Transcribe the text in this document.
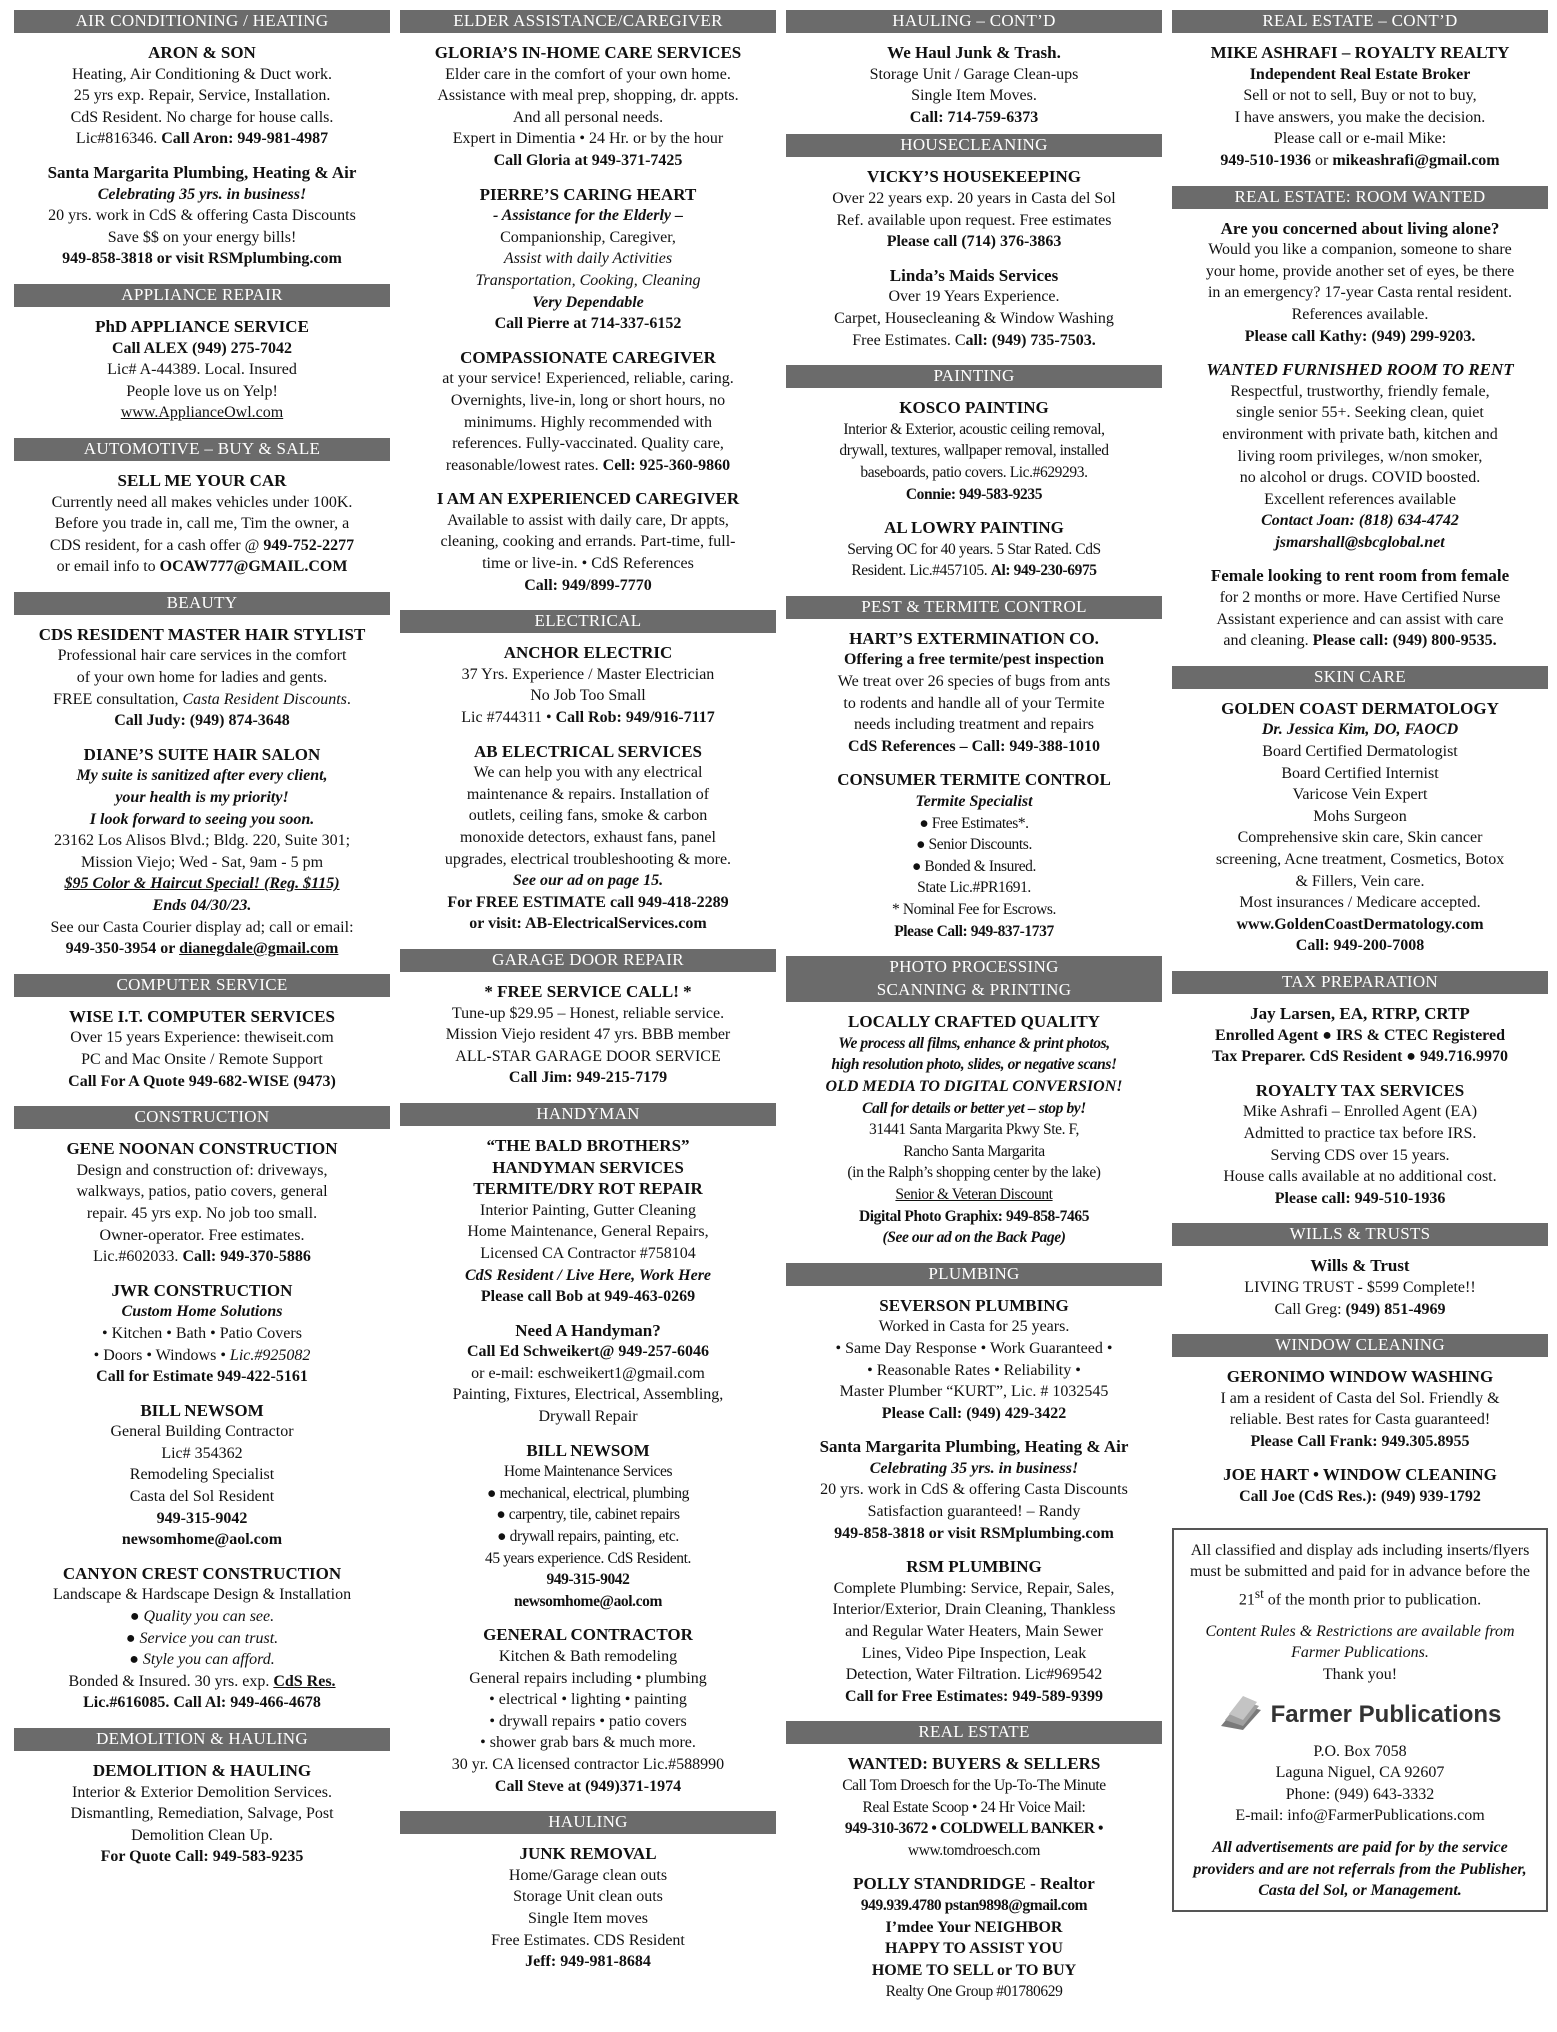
AIR CONDITIONING / HEATING
ARON & SON
Heating, Air Conditioning & Duct work.
25 yrs exp. Repair, Service, Installation.
CdS Resident. No charge for house calls.
Lic#816346. Call Aron: 949-981-4987
Santa Margarita Plumbing, Heating & Air
Celebrating 35 yrs. in business!
20 yrs. work in CdS & offering Casta Discounts
Save $$ on your energy bills!
949-858-3818 or visit RSMplumbing.com
APPLIANCE REPAIR
PhD APPLIANCE SERVICE
Call ALEX (949) 275-7042
Lic# A-44389. Local. Insured
People love us on Yelp!
www.ApplianceOwl.com
AUTOMOTIVE – BUY & SALE
SELL ME YOUR CAR
Currently need all makes vehicles under 100K.
Before you trade in, call me, Tim the owner, a
CDS resident, for a cash offer @ 949-752-2277
or email info to OCAW777@GMAIL.COM
BEAUTY
CDS RESIDENT MASTER HAIR STYLIST
Professional hair care services in the comfort
of your own home for ladies and gents.
FREE consultation, Casta Resident Discounts.
Call Judy: (949) 874-3648
DIANE’S SUITE HAIR SALON
My suite is sanitized after every client,
your health is my priority!
I look forward to seeing you soon.
23162 Los Alisos Blvd.; Bldg. 220, Suite 301;
Mission Viejo; Wed - Sat, 9am - 5 pm
$95 Color & Haircut Special! (Reg. $115)
Ends 04/30/23.
See our Casta Courier display ad; call or email:
949-350-3954 or dianegdale@gmail.com
COMPUTER SERVICE
WISE I.T. COMPUTER SERVICES
Over 15 years Experience: thewiseit.com
PC and Mac Onsite / Remote Support
Call For A Quote 949-682-WISE (9473)
CONSTRUCTION
GENE NOONAN CONSTRUCTION
Design and construction of: driveways,
walkways, patios, patio covers, general
repair. 45 yrs exp. No job too small.
Owner-operator. Free estimates.
Lic.#602033. Call: 949-370-5886
JWR CONSTRUCTION
Custom Home Solutions
• Kitchen • Bath • Patio Covers
• Doors • Windows • Lic.#925082
Call for Estimate 949-422-5161
BILL NEWSOM
General Building Contractor
Lic# 354362
Remodeling Specialist
Casta del Sol Resident
949-315-9042
newsomhome@aol.com
CANYON CREST CONSTRUCTION
Landscape & Hardscape Design & Installation
● Quality you can see.
● Service you can trust.
● Style you can afford.
Bonded & Insured. 30 yrs. exp. CdS Res.
Lic.#616085. Call Al: 949-466-4678
DEMOLITION & HAULING
DEMOLITION & HAULING
Interior & Exterior Demolition Services.
Dismantling, Remediation, Salvage, Post
Demolition Clean Up.
For Quote Call: 949-583-9235
ELDER ASSISTANCE/CAREGIVER
GLORIA’S IN-HOME CARE SERVICES
Elder care in the comfort of your own home.
Assistance with meal prep, shopping, dr. appts.
And all personal needs.
Expert in Dimentia • 24 Hr. or by the hour
Call Gloria at 949-371-7425
PIERRE’S CARING HEART
- Assistance for the Elderly –
Companionship, Caregiver,
Assist with daily Activities
Transportation, Cooking, Cleaning
Very Dependable
Call Pierre at 714-337-6152
COMPASSIONATE CAREGIVER
at your service! Experienced, reliable, caring.
Overnights, live-in, long or short hours, no
minimums. Highly recommended with
references. Fully-vaccinated. Quality care,
reasonable/lowest rates. Cell: 925-360-9860
I AM AN EXPERIENCED CAREGIVER
Available to assist with daily care, Dr appts,
cleaning, cooking and errands. Part-time, full-
time or live-in. • CdS References
Call: 949/899-7770
ELECTRICAL
ANCHOR ELECTRIC
37 Yrs. Experience / Master Electrician
No Job Too Small
Lic #744311 • Call Rob: 949/916-7117
AB ELECTRICAL SERVICES
We can help you with any electrical
maintenance & repairs. Installation of
outlets, ceiling fans, smoke & carbon
monoxide detectors, exhaust fans, panel
upgrades, electrical troubleshooting & more.
See our ad on page 15.
For FREE ESTIMATE call 949-418-2289
or visit: AB-ElectricalServices.com
GARAGE DOOR REPAIR
* FREE SERVICE CALL! *
Tune-up $29.95 – Honest, reliable service.
Mission Viejo resident 47 yrs. BBB member
ALL-STAR GARAGE DOOR SERVICE
Call Jim: 949-215-7179
HANDYMAN
“THE BALD BROTHERS”
HANDYMAN SERVICES
TERMITE/DRY ROT REPAIR
Interior Painting, Gutter Cleaning
Home Maintenance, General Repairs,
Licensed CA Contractor #758104
CdS Resident / Live Here, Work Here
Please call Bob at 949-463-0269
Need A Handyman?
Call Ed Schweikert@ 949-257-6046
or e-mail: eschweikert1@gmail.com
Painting, Fixtures, Electrical, Assembling,
Drywall Repair
BILL NEWSOM
Home Maintenance Services
● mechanical, electrical, plumbing
● carpentry, tile, cabinet repairs
● drywall repairs, painting, etc.
45 years experience. CdS Resident.
949-315-9042
newsomhome@aol.com
GENERAL CONTRACTOR
Kitchen & Bath remodeling
General repairs including • plumbing
• electrical • lighting • painting
• drywall repairs • patio covers
• shower grab bars & much more.
30 yr. CA licensed contractor Lic.#588990
Call Steve at (949)371-1974
HAULING
JUNK REMOVAL
Home/Garage clean outs
Storage Unit clean outs
Single Item moves
Free Estimates. CDS Resident
Jeff: 949-981-8684
HAULING – CONT’D
We Haul Junk & Trash.
Storage Unit / Garage Clean-ups
Single Item Moves.
Call: 714-759-6373
HOUSECLEANING
VICKY’S HOUSEKEEPING
Over 22 years exp. 20 years in Casta del Sol
Ref. available upon request. Free estimates
Please call (714) 376-3863
Linda’s Maids Services
Over 19 Years Experience.
Carpet, Housecleaning & Window Washing
Free Estimates. Call: (949) 735-7503.
PAINTING
KOSCO PAINTING
Interior & Exterior, acoustic ceiling removal,
drywall, textures, wallpaper removal, installed
baseboards, patio covers. Lic.#629293.
Connie: 949-583-9235
AL LOWRY PAINTING
Serving OC for 40 years. 5 Star Rated. CdS
Resident. Lic.#457105. Al: 949-230-6975
PEST & TERMITE CONTROL
HART’S EXTERMINATION CO.
Offering a free termite/pest inspection
We treat over 26 species of bugs from ants
to rodents and handle all of your Termite
needs including treatment and repairs
CdS References – Call: 949-388-1010
CONSUMER TERMITE CONTROL
Termite Specialist
● Free Estimates*.
● Senior Discounts.
● Bonded & Insured.
State Lic.#PR1691.
* Nominal Fee for Escrows.
Please Call: 949-837-1737
PHOTO PROCESSING
SCANNING & PRINTING
LOCALLY CRAFTED QUALITY
We process all films, enhance & print photos,
high resolution photo, slides, or negative scans!
OLD MEDIA TO DIGITAL CONVERSION!
Call for details or better yet – stop by!
31441 Santa Margarita Pkwy Ste. F,
Rancho Santa Margarita
(in the Ralph’s shopping center by the lake)
Senior & Veteran Discount
Digital Photo Graphix: 949-858-7465
(See our ad on the Back Page)
PLUMBING
SEVERSON PLUMBING
Worked in Casta for 25 years.
• Same Day Response • Work Guaranteed •
• Reasonable Rates • Reliability •
Master Plumber “KURT”, Lic. # 1032545
Please Call: (949) 429-3422
Santa Margarita Plumbing, Heating & Air
Celebrating 35 yrs. in business!
20 yrs. work in CdS & offering Casta Discounts
Satisfaction guaranteed! – Randy
949-858-3818 or visit RSMplumbing.com
RSM PLUMBING
Complete Plumbing: Service, Repair, Sales,
Interior/Exterior, Drain Cleaning, Thankless
and Regular Water Heaters, Main Sewer
Lines, Video Pipe Inspection, Leak
Detection, Water Filtration. Lic#969542
Call for Free Estimates: 949-589-9399
REAL ESTATE
WANTED: BUYERS & SELLERS
Call Tom Droesch for the Up-To-The Minute
Real Estate Scoop • 24 Hr Voice Mail:
949-310-3672 • COLDWELL BANKER •
www.tomdroesch.com
POLLY STANDRIDGE - Realtor
949.939.4780 pstan9898@gmail.com
I’mdee Your NEIGHBOR
HAPPY TO ASSIST YOU
HOME TO SELL or TO BUY
Realty One Group #01780629
REAL ESTATE – CONT’D
MIKE ASHRAFI – ROYALTY REALTY
Independent Real Estate Broker
Sell or not to sell, Buy or not to buy,
I have answers, you make the decision.
Please call or e-mail Mike:
949-510-1936 or mikeashrafi@gmail.com
REAL ESTATE: ROOM WANTED
Are you concerned about living alone?
Would you like a companion, someone to share
your home, provide another set of eyes, be there
in an emergency? 17-year Casta rental resident.
References available.
Please call Kathy: (949) 299-9203.
WANTED FURNISHED ROOM TO RENT
Respectful, trustworthy, friendly female,
single senior 55+. Seeking clean, quiet
environment with private bath, kitchen and
living room privileges, w/non smoker,
no alcohol or drugs. COVID boosted.
Excellent references available
Contact Joan: (818) 634-4742
jsmarshall@sbcglobal.net
Female looking to rent room from female
for 2 months or more. Have Certified Nurse
Assistant experience and can assist with care
and cleaning. Please call: (949) 800-9535.
SKIN CARE
GOLDEN COAST DERMATOLOGY
Dr. Jessica Kim, DO, FAOCD
Board Certified Dermatologist
Board Certified Internist
Varicose Vein Expert
Mohs Surgeon
Comprehensive skin care, Skin cancer
screening, Acne treatment, Cosmetics, Botox
& Fillers, Vein care.
Most insurances / Medicare accepted.
www.GoldenCoastDermatology.com
Call: 949-200-7008
TAX PREPARATION
Jay Larsen, EA, RTRP, CRTP
Enrolled Agent ● IRS & CTEC Registered
Tax Preparer. CdS Resident ● 949.716.9970
ROYALTY TAX SERVICES
Mike Ashrafi – Enrolled Agent (EA)
Admitted to practice tax before IRS.
Serving CDS over 15 years.
House calls available at no additional cost.
Please call: 949-510-1936
WILLS & TRUSTS
Wills & Trust
LIVING TRUST - $599 Complete!!
Call Greg: (949) 851-4969
WINDOW CLEANING
GERONIMO WINDOW WASHING
I am a resident of Casta del Sol. Friendly &
reliable. Best rates for Casta guaranteed!
Please Call Frank: 949.305.8955
JOE HART • WINDOW CLEANING
Call Joe (CdS Res.): (949) 939-1792
All classified and display ads including inserts/flyers must be submitted and paid for in advance before the 21st of the month prior to publication.
Content Rules & Restrictions are available from Farmer Publications.
Thank you!
Farmer Publications
P.O. Box 7058
Laguna Niguel, CA 92607
Phone: (949) 643-3332
E-mail: info@FarmerPublications.com
All advertisements are paid for by the service providers and are not referrals from the Publisher, Casta del Sol, or Management.
